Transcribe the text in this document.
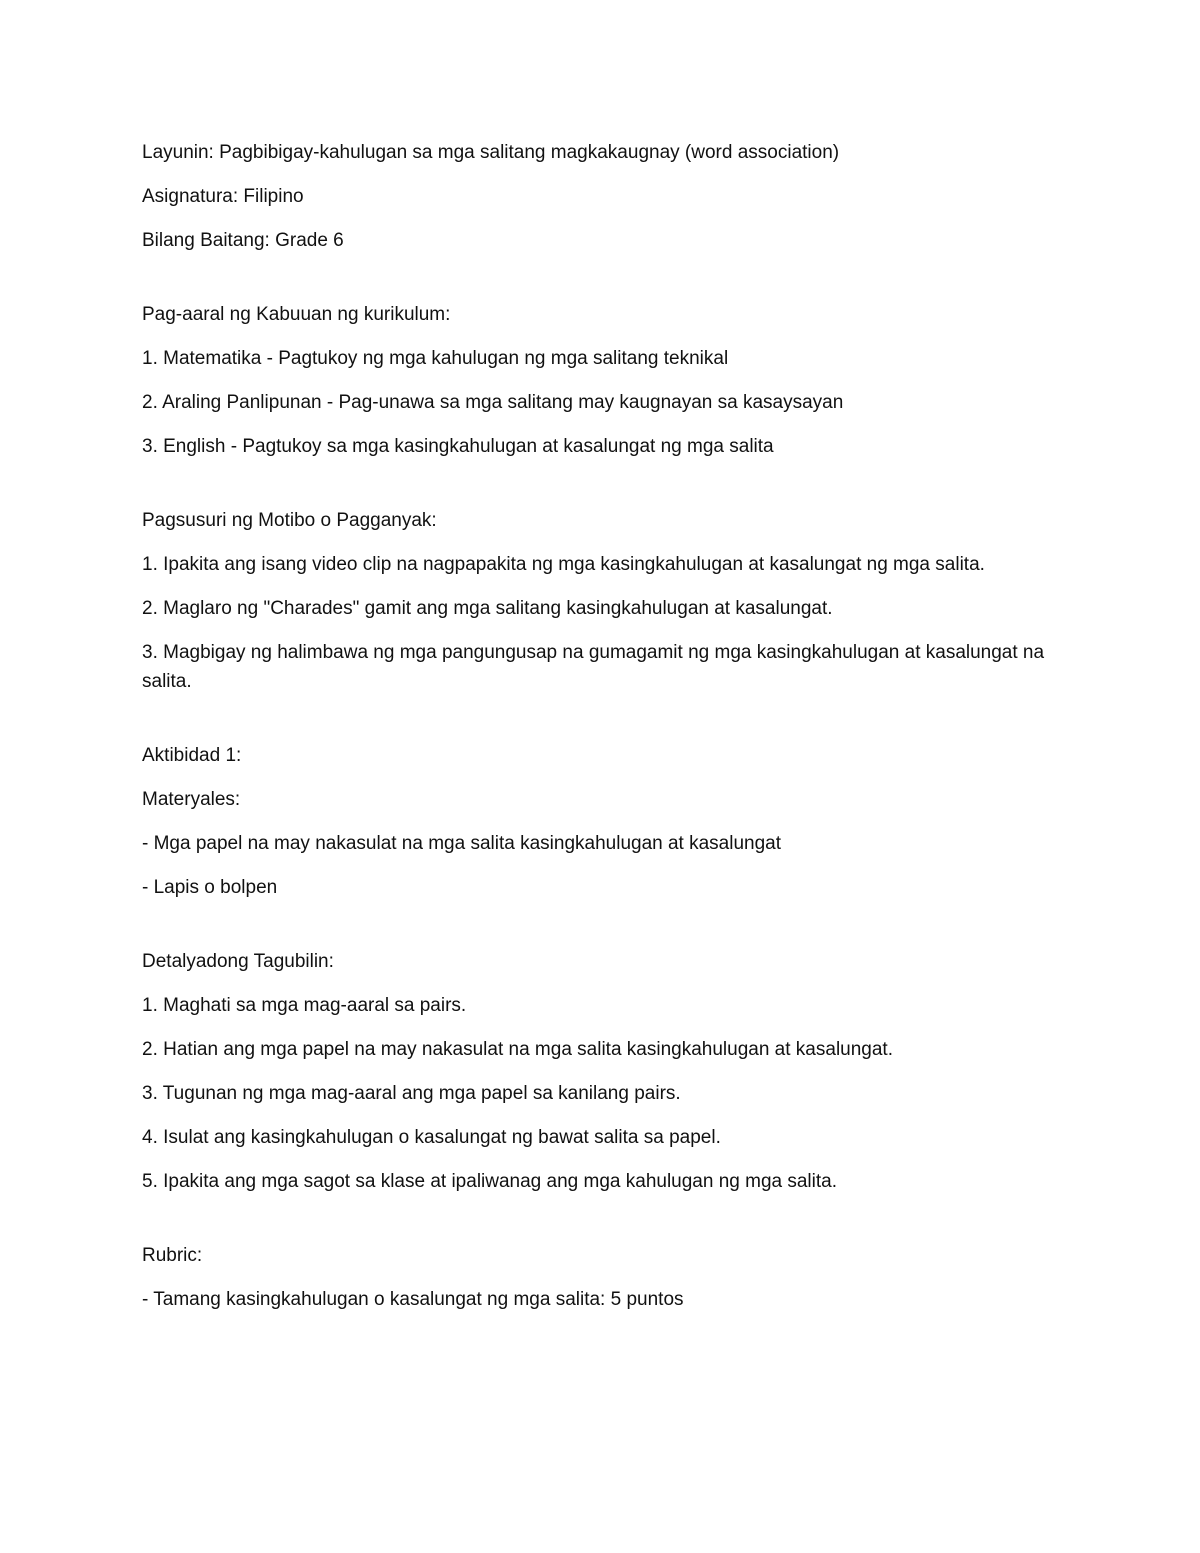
Layunin: Pagbibigay-kahulugan sa mga salitang magkakaugnay (word association)

Asignatura: Filipino

Bilang Baitang: Grade 6

Pag-aaral ng Kabuuan ng kurikulum:

1. Matematika - Pagtukoy ng mga kahulugan ng mga salitang teknikal

2. Araling Panlipunan - Pag-unawa sa mga salitang may kaugnayan sa kasaysayan

3. English - Pagtukoy sa mga kasingkahulugan at kasalungat ng mga salita

Pagsusuri ng Motibo o Pagganyak:

1. Ipakita ang isang video clip na nagpapakita ng mga kasingkahulugan at kasalungat ng mga salita.

2. Maglaro ng "Charades" gamit ang mga salitang kasingkahulugan at kasalungat.

3. Magbigay ng halimbawa ng mga pangungusap na gumagamit ng mga kasingkahulugan at kasalungat na salita.

Aktibidad 1:

Materyales:

- Mga papel na may nakasulat na mga salita kasingkahulugan at kasalungat

- Lapis o bolpen

Detalyadong Tagubilin:

1. Maghati sa mga mag-aaral sa pairs.

2. Hatian ang mga papel na may nakasulat na mga salita kasingkahulugan at kasalungat.

3. Tugunan ng mga mag-aaral ang mga papel sa kanilang pairs.

4. Isulat ang kasingkahulugan o kasalungat ng bawat salita sa papel.

5. Ipakita ang mga sagot sa klase at ipaliwanag ang mga kahulugan ng mga salita.

Rubric:

- Tamang kasingkahulugan o kasalungat ng mga salita: 5 puntos
